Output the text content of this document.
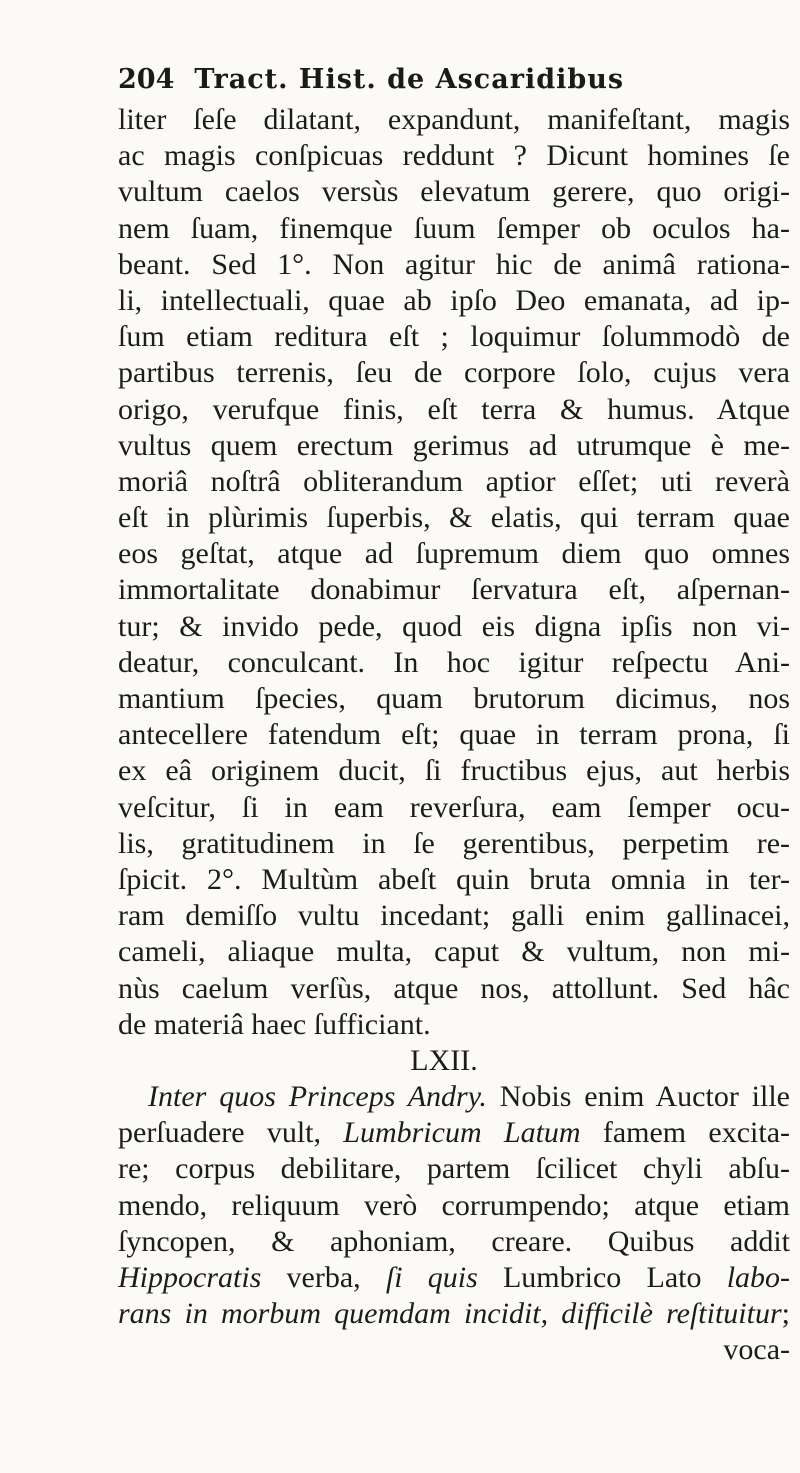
204 Tract. Hist. de Ascaridibus
liter ſeſe dilatant, expandunt, manifeſtant, magis
ac magis conſpicuas reddunt ? Dicunt homines ſe
vultum caelos versùs elevatum gerere, quo origi-
nem ſuam, finemque ſuum ſemper ob oculos ha-
beant. Sed 1°. Non agitur hic de animâ rationa-
li, intellectuali, quae ab ipſo Deo emanata, ad ip-
ſum etiam reditura eſt ; loquimur ſolummodò de
partibus terrenis, ſeu de corpore ſolo, cujus vera
origo, verufque finis, eſt terra & humus. Atque
vultus quem erectum gerimus ad utrumque è me-
moriâ noſtrâ obliterandum aptior eſſet; uti reverà
eſt in plùrimis ſuperbis, & elatis, qui terram quae
eos geſtat, atque ad ſupremum diem quo omnes
immortalitate donabimur ſervatura eſt, aſpernan-
tur; & invido pede, quod eis digna ipſis non vi-
deatur, conculcant. In hoc igitur reſpectu Ani-
mantium ſpecies, quam brutorum dicimus, nos
antecellere fatendum eſt; quae in terram prona, ſi
ex eâ originem ducit, ſi fructibus ejus, aut herbis
veſcitur, ſi in eam reverſura, eam ſemper ocu-
lis, gratitudinem in ſe gerentibus, perpetim re-
ſpicit. 2°. Multùm abeſt quin bruta omnia in ter-
ram demiſſo vultu incedant; galli enim gallinacei,
cameli, aliaque multa, caput & vultum, non mi-
nùs caelum verſùs, atque nos, attollunt. Sed hâc
de materiâ haec ſufficiant.
LXII.
Inter quos Princeps Andry. Nobis enim Auctor ille
perſuadere vult, Lumbricum Latum famem excita-
re; corpus debilitare, partem ſcilicet chyli abſu-
mendo, reliquum verò corrumpendo; atque etiam
ſyncopen, & aphoniam, creare. Quibus addit
Hippocratis verba, ſi quis Lumbrico Lato labo-
rans in morbum quemdam incidit, difficilè reſtituitur;
voca-
